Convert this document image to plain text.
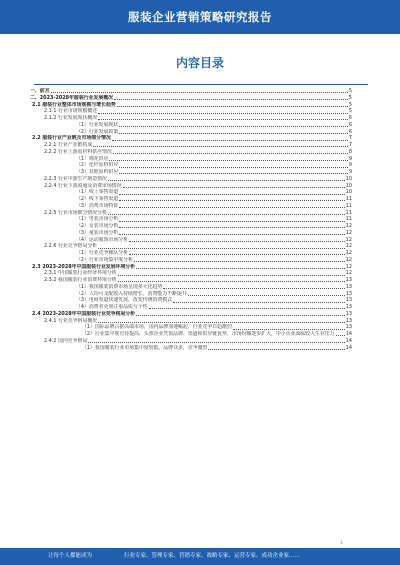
服装企业营销策略研究报告
内容目录
一、前言	5
二、2023-2028年服装行业发展概况	5
2.1 服装行业整体市场规模与增长趋势	5
2.1.1 行业市场规模概述	5
2.1.2 行业发展现状概况	6
（1）行业发展现状	6
（2）行业发展政策	6
2.2 服装行业产业链及市场细分情况	7
2.2.1 行业产业链构成	7
2.2.2 行业上游原材料供应情况	8
（1）棉花供应	9
（2）化纤原料供应	9
（3）其他原料供应	9
2.2.3 行业中游生产制造情况	10
2.2.4 行业下游流通及消费市场情况	10
（1）线上零售渠道	10
（2）线下零售渠道	11
（3）消费市场特征	11
2.2.5 行业市场细分情况分析	11
（1）男装市场分析	11
（2）女装市场分析	12
（3）童装市场分析	12
（4）运动服饰市场分析	12
2.2.6 行业竞争格局分析	12
（1）行业竞争梯队分析	12
（2）行业市场集中度分析	12
2.3 2023-2028年中国服装行业发展环境分析	12
2.3.1 中国服装行业经济环境分析	12
2.3.2 我国服装行业消费环境分析	13
（1）我国服装消费市场呈现多元化趋势	13
（2）人均可支配收入持续增长，消费能力不断提升	13
（3）电商渠道快速发展，改变传统消费模式	13
（4）消费者更加注重品质与个性	13
2.4 2023-2028年中国服装行业竞争格局分析	13
2.4.1 行业竞争格局概况	13
（1）国际品牌占据高端市场，国内品牌加速崛起，行业竞争日趋激烈	13
（2）行业集中度有待提高，头部企业凭借品牌、渠道和供应链优势，市场份额逐步扩大，中小企业面临较大生存压力 14
2.4.2 国内竞争格局	14
（1）我国服装行业市场集中度较低，品牌众多，竞争激烈	14
3
让每个人都能成为	行业专家、管理专家、营销专家、战略专家、运营专家、成功企业家……
